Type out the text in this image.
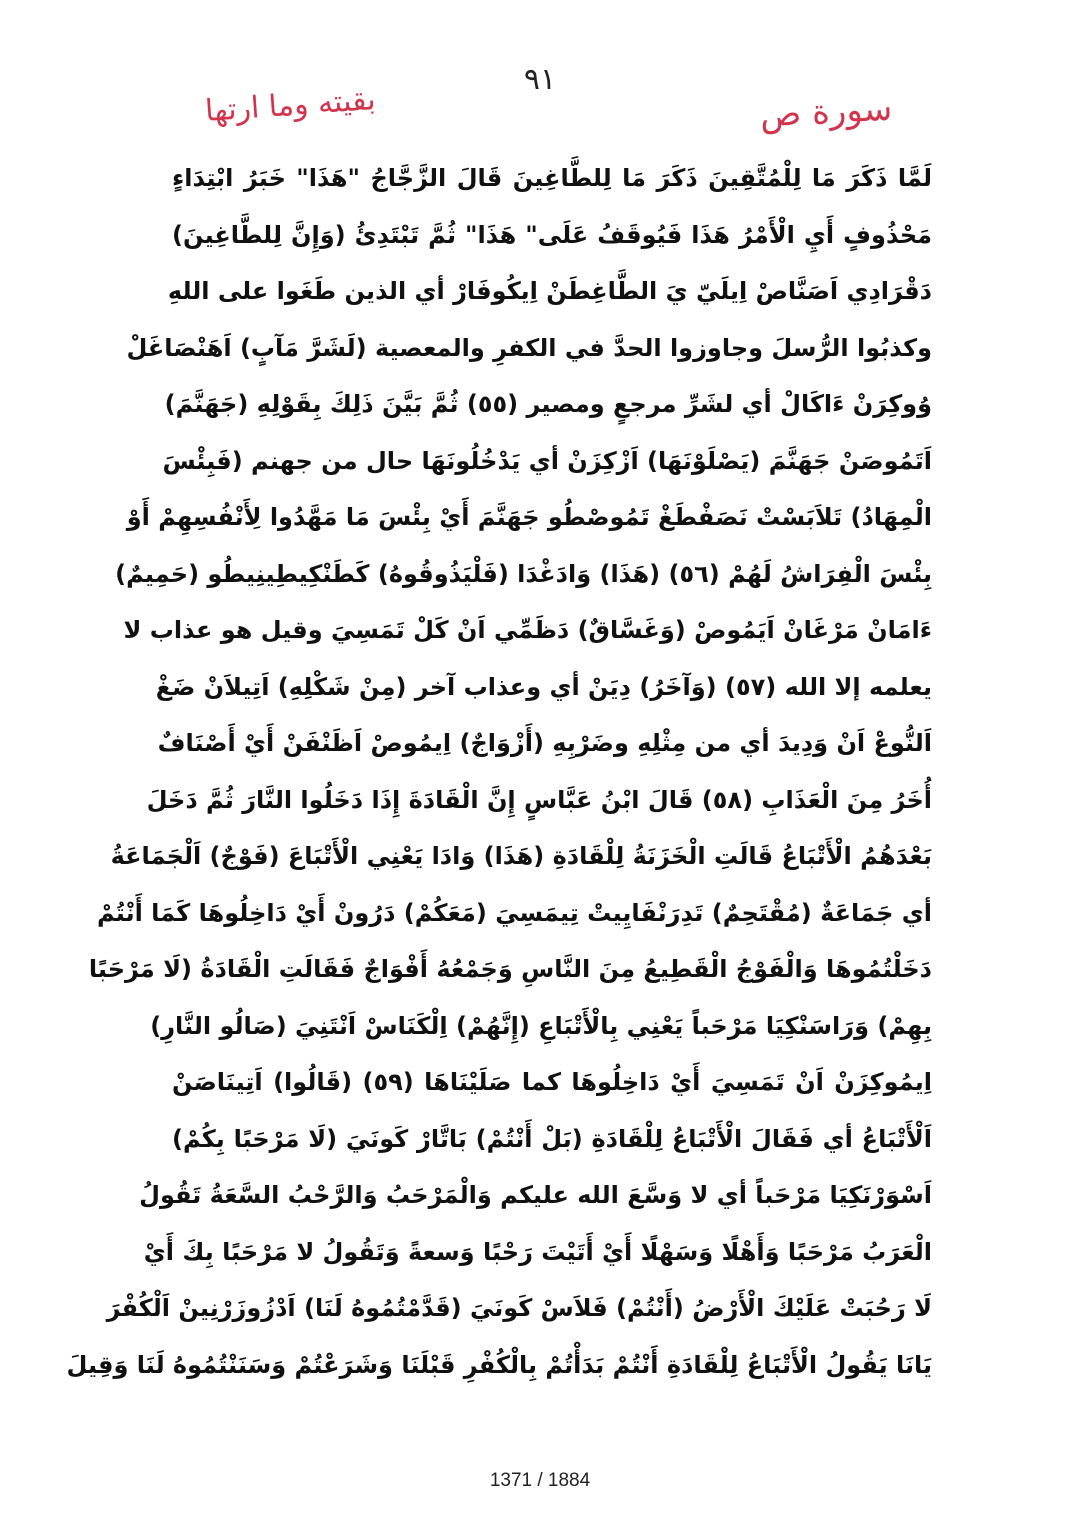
٩١
بقيته وما ارتها	سورة ص
لَمَّا ذَكَرَ مَا لِلْمُتَّقِينَ ذَكَرَ مَا لِلطَّاغِينَ قَالَ الزَّجَّاجُ "هَذَا" خَبَرُ ابْتِدَاءٍ
مَحْذُوفٍ أَيِ الْأَمْرُ هَذَا فَيُوقَفُ عَلَى" هَذَا" ثُمَّ تَبْتَدِئُ (وَإِنَّ لِلطَّاغِينَ)
دَقْرَادِي اَصَنَّاصْ اِيلَيّ يَ الطَّاغِطَنْ اِيكُوفَارْ أي الذين طَغَوا على اللهِ
وكذبُوا الرُّسلَ وجاوزوا الحدَّ في الكفرِ والمعصية (لَشَرَّ مَآبٍ) اَهَنْصَاغَلْ
وُوكِرَنْ ءَاكَالْ أي لشَرِّ مرجعٍ ومصير (٥٥) ثُمَّ بَيَّنَ ذَلِكَ بِقَوْلِهِ (جَهَنَّمَ)
اَتَمُوصَنْ جَهَنَّمَ (يَصْلَوْنَهَا) اَزْكِزَنْ أي يَدْخُلُونَهَا حال من جهنم (فَبِئْسَ
الْمِهَادُ) تَلاَبَسْتْ نَصَفْطَغْ تَمُوصْطُو جَهَنَّمَ أَيْ بِئْسَ مَا مَهَّدُوا لِأَنْفُسِهِمْ أَوْ
بِئْسَ الْفِرَاشُ لَهُمْ (٥٦) (هَذَا) وَادَغْدَا (فَلْيَذُوقُوهُ) كَطَنْكِيطِينِيطُو (حَمِيمٌ)
ءَامَانْ مَرْغَانْ اَيَمُوصْ (وَغَسَّاقٌ) دَظَمِّي اَنْ كَلْ تَمَسِيَ وقيل هو عذاب لا
يعلمه إلا الله (٥٧) (وَآخَرُ) دِيَنْ أي وعذاب آخر (مِنْ شَكْلِهِ) اَتِيلاَنْ ضَغْ
اَلنُّوعْ اَنْ وَدِيدَ أي من مِثْلِهِ وضَرْبِهِ (أَزْوَاجٌ) اِيمُوصْ اَظَنْفَنْ أَيْ أَصْنَافٌ
أُخَرُ مِنَ الْعَذَابِ (٥٨) قَالَ ابْنُ عَبَّاسٍ إِنَّ الْقَادَةَ إِذَا دَخَلُوا النَّارَ ثُمَّ دَخَلَ
بَعْدَهُمُ الْأَتْبَاعُ قَالَتِ الْخَزَنَةُ لِلْقَادَةِ (هَذَا) وَادَا يَعْنِي الْأَتْبَاعَ (فَوْجٌ) اَلْجَمَاعَةُ
أي جَمَاعَةٌ (مُقْتَحِمٌ) تَدِرَنْفَايِيتْ تِيمَسِيَ (مَعَكُمْ) دَرُونْ أَيْ دَاخِلُوهَا كَمَا أَنْتُمْ
دَخَلْتُمُوهَا وَالْفَوْجُ الْقَطِيعُ مِنَ النَّاسِ وَجَمْعُهُ أَفْوَاجٌ فَقَالَتِ الْقَادَةُ (لَا مَرْحَبًا
بِهِمْ) وَرَاسَنْكِيَا مَرْحَباً يَعْنِي بِالْأَتْبَاعِ (إِنَّهُمْ) اِلْكَنَاسْ اَنْتَنِيَ (صَالُو النَّارِ)
اِيمُوكِزَنْ اَنْ تَمَسِيَ أَيْ دَاخِلُوهَا كما صَلَيْنَاهَا (٥٩) (قَالُوا) اَتِينَاصَنْ
اَلْأَتْبَاعُ أي فَقَالَ الْأَتْبَاعُ لِلْقَادَةِ (بَلْ أَنْتُمْ) بَاتَّارْ كَونَيَ (لَا مَرْحَبًا بِكُمْ)
اَسْوَرْنَكِيَا مَرْحَباً أي لا وَسَّعَ الله عليكم وَالْمَرْحَبُ وَالرَّحْبُ السَّعَةُ تَقُولُ
الْعَرَبُ مَرْحَبًا وَأَهْلًا وَسَهْلًا أَيْ أَتَيْتَ رَحْبًا وَسعةً وَتَقُولُ لا مَرْحَبًا بِكَ أَيْ
لَا رَحُبَتْ عَلَيْكَ الْأَرْضُ (أَنْتُمْ) فَلاَسْ كَونَيَ (قَدَّمْتُمُوهُ لَنَا) اَدْزُوزَرْنِينْ اَلْكُفْرَ
يَانَا يَقُولُ الْأَتْبَاعُ لِلْقَادَةِ أَنْتُمْ بَدَأْتُمْ بِالْكُفْرِ قَبْلَنَا وَشَرَعْتُمْ وَسَنَنْتُمُوهُ لَنَا وَقِيلَ
1371 / 1884
